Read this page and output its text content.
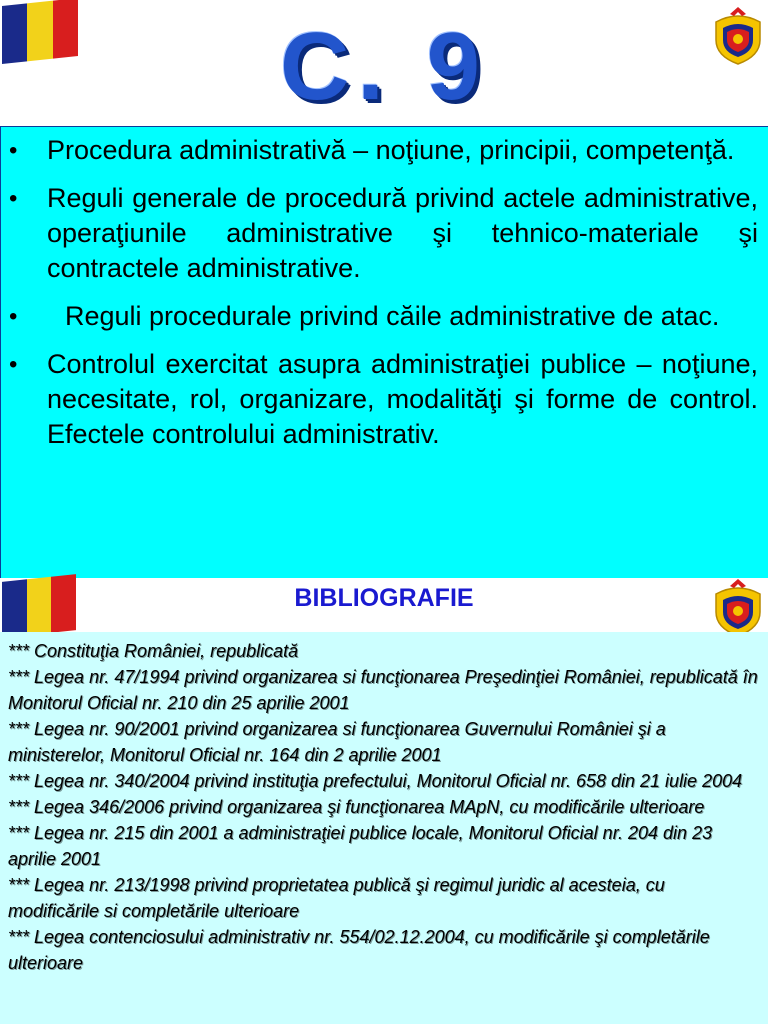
C. 9
• Procedura administrativă – noţiune, principii, competenţă.
• Reguli generale de procedură privind actele administrative, operaţiunile administrative şi tehnico-materiale şi contractele administrative.
• Reguli procedurale privind căile administrative de atac.
• Controlul exercitat asupra administraţiei publice – noţiune, necesitate, rol, organizare, modalităţi şi forme de control. Efectele controlului administrativ.
BIBLIOGRAFIE

*** Constituţia României, republicată

*** Legea nr. 47/1994 privind organizarea si funcţionarea Preşedinţiei României, republicată în Monitorul Oficial nr. 210 din 25 aprilie 2001

*** Legea nr. 90/2001 privind organizarea si funcţionarea Guvernului României şi a ministerelor, Monitorul Oficial nr. 164 din 2 aprilie 2001

*** Legea nr. 340/2004 privind instituţia prefectului, Monitorul Oficial nr. 658 din 21 iulie 2004

*** Legea 346/2006 privind organizarea şi funcţionarea MApN, cu modificările ulterioare

*** Legea nr. 215 din 2001 a administraţiei publice locale, Monitorul Oficial nr. 204 din 23 aprilie 2001

*** Legea nr. 213/1998 privind proprietatea publică şi regimul juridic al acesteia, cu modificările si completările ulterioare

*** Legea contenciosului administrativ nr. 554/02.12.2004, cu modificările şi completările ulterioare
